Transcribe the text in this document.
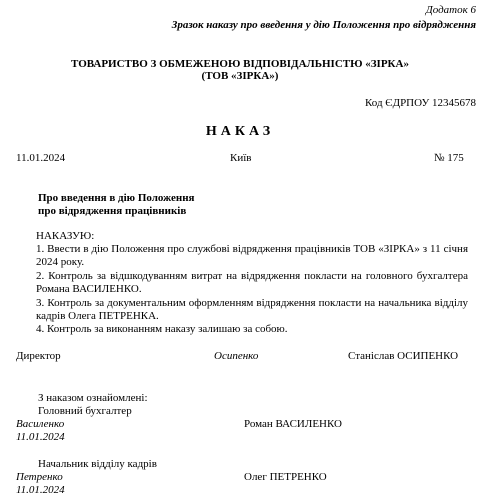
Додаток 6
Зразок наказу про введення у дію Положення про відрядження
ТОВАРИСТВО З ОБМЕЖЕНОЮ ВІДПОВІДАЛЬНІСТЮ «ЗІРКА»
(ТОВ «ЗІРКА»)
Код ЄДРПОУ 12345678
НАКАЗ
11.01.2024	Київ	№ 175
Про введення в дію Положення
про відрядження працівників
НАКАЗУЮ:
1. Ввести в дію Положення про службові відрядження працівників ТОВ «ЗІРКА» з 11 січня 2024 року.
2. Контроль за відшкодуванням витрат на відрядження покласти на головного бухгалтера Романа ВАСИЛЕНКО.
3. Контроль за документальним оформленням відрядження покласти на начальника відділу кадрів Олега ПЕТРЕНКА.
4. Контроль за виконанням наказу залишаю за собою.
Директор	Осипенко	Станіслав ОСИПЕНКО
З наказом ознайомлені:
Головний бухгалтер
Василенко	Роман ВАСИЛЕНКО
11.01.2024
Начальник відділу кадрів
Петренко	Олег ПЕТРЕНКО
11.01.2024
